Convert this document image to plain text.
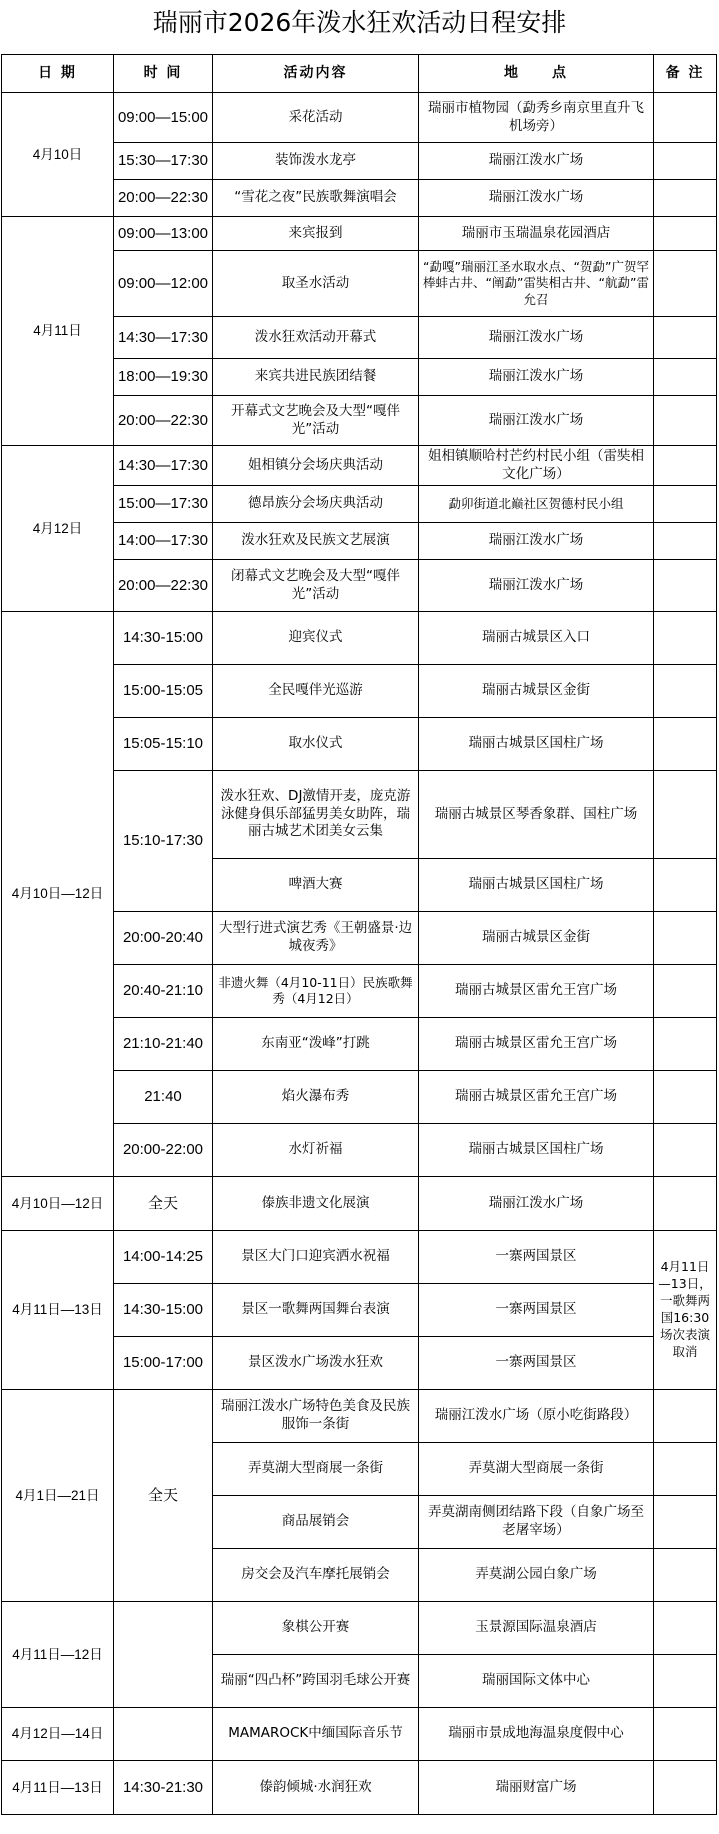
瑞丽市2026年泼水狂欢活动日程安排
日 期	时 间	活动内容	地　　点	备 注
4月10日	09:00—15:00	采花活动	瑞丽市植物园（勐秀乡南京里直升飞机场旁）	
	15:30—17:30	装饰泼水龙亭	瑞丽江泼水广场	
	20:00—22:30	“雪花之夜”民族歌舞演唱会	瑞丽江泼水广场	
4月11日	09:00—13:00	来宾报到	瑞丽市玉瑞温泉花园酒店	
	09:00—12:00	取圣水活动	“勐嘎”瑞丽江圣水取水点、“贺勐”广贺罕棒蚌古井、“阐勐”雷奘相古井、“航勐”雷允召	
	14:30—17:30	泼水狂欢活动开幕式	瑞丽江泼水广场	
	18:00—19:30	来宾共进民族团结餐	瑞丽江泼水广场	
	20:00—22:30	开幕式文艺晚会及大型“嘎伴光”活动	瑞丽江泼水广场	
4月12日	14:30—17:30	姐相镇分会场庆典活动	姐相镇顺哈村芒约村民小组（雷奘相文化广场）	
	15:00—17:30	德昂族分会场庆典活动	勐卯街道北巅社区贺德村民小组	
	14:00—17:30	泼水狂欢及民族文艺展演	瑞丽江泼水广场	
	20:00—22:30	闭幕式文艺晚会及大型“嘎伴光”活动	瑞丽江泼水广场	
4月10日—12日	14:30-15:00	迎宾仪式	瑞丽古城景区入口	
	15:00-15:05	全民嘎伴光巡游	瑞丽古城景区金街	
	15:05-15:10	取水仪式	瑞丽古城景区国柱广场	
	15:10-17:30	泼水狂欢、DJ激情开麦，庞克游泳健身俱乐部猛男美女助阵，瑞丽古城艺术团美女云集	瑞丽古城景区琴香象群、国柱广场	
		啤酒大赛	瑞丽古城景区国柱广场	
	20:00-20:40	大型行进式演艺秀《王朝盛景·边城夜秀》	瑞丽古城景区金街	
	20:40-21:10	非遗火舞（4月10-11日）民族歌舞秀（4月12日）	瑞丽古城景区雷允王宫广场	
	21:10-21:40	东南亚“泼峰”打跳	瑞丽古城景区雷允王宫广场	
	21:40	焰火瀑布秀	瑞丽古城景区雷允王宫广场	
	20:00-22:00	水灯祈福	瑞丽古城景区国柱广场	
4月10日—12日	全天	傣族非遗文化展演	瑞丽江泼水广场	
4月11日—13日	14:00-14:25	景区大门口迎宾洒水祝福	一寨两国景区	4月11日—13日，一歌舞两国16:30场次表演取消
	14:30-15:00	景区一歌舞两国舞台表演	一寨两国景区	
	15:00-17:00	景区泼水广场泼水狂欢	一寨两国景区	
4月1日—21日	全天	瑞丽江泼水广场特色美食及民族服饰一条街	瑞丽江泼水广场（原小吃街路段）	
		弄莫湖大型商展一条街	弄莫湖大型商展一条街	
		商品展销会	弄莫湖南侧团结路下段（自象广场至老屠宰场）	
		房交会及汽车摩托展销会	弄莫湖公园白象广场	
4月11日—12日		象棋公开赛	玉景源国际温泉酒店	
		瑞丽“四凸杯”跨国羽毛球公开赛	瑞丽国际文体中心	
4月12日—14日		MAMAROCK中缅国际音乐节	瑞丽市景成地海温泉度假中心	
4月11日—13日	14:30-21:30	傣韵倾城·水润狂欢	瑞丽财富广场	
